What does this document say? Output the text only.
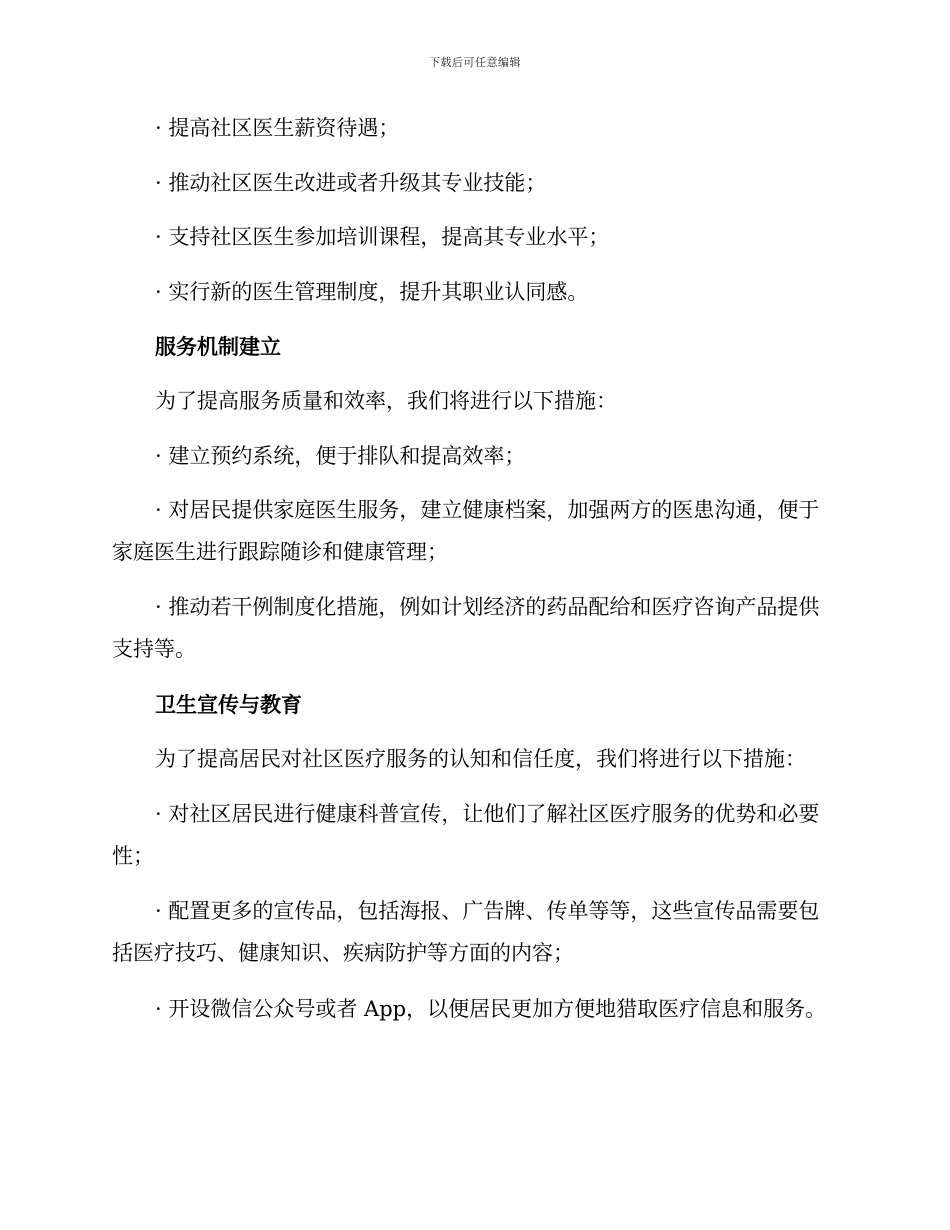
下载后可任意编辑

· 提高社区医生薪资待遇；

· 推动社区医生改进或者升级其专业技能；

· 支持社区医生参加培训课程，提高其专业水平；

· 实行新的医生管理制度，提升其职业认同感。

服务机制建立

为了提高服务质量和效率，我们将进行以下措施：

· 建立预约系统，便于排队和提高效率；

· 对居民提供家庭医生服务，建立健康档案，加强两方的医患沟通，便于家庭医生进行跟踪随诊和健康管理；

· 推动若干例制度化措施，例如计划经济的药品配给和医疗咨询产品提供支持等。

卫生宣传与教育

为了提高居民对社区医疗服务的认知和信任度，我们将进行以下措施：

· 对社区居民进行健康科普宣传，让他们了解社区医疗服务的优势和必要性；

· 配置更多的宣传品，包括海报、广告牌、传单等等，这些宣传品需要包括医疗技巧、健康知识、疾病防护等方面的内容；

· 开设微信公众号或者 App，以便居民更加方便地猎取医疗信息和服务。
